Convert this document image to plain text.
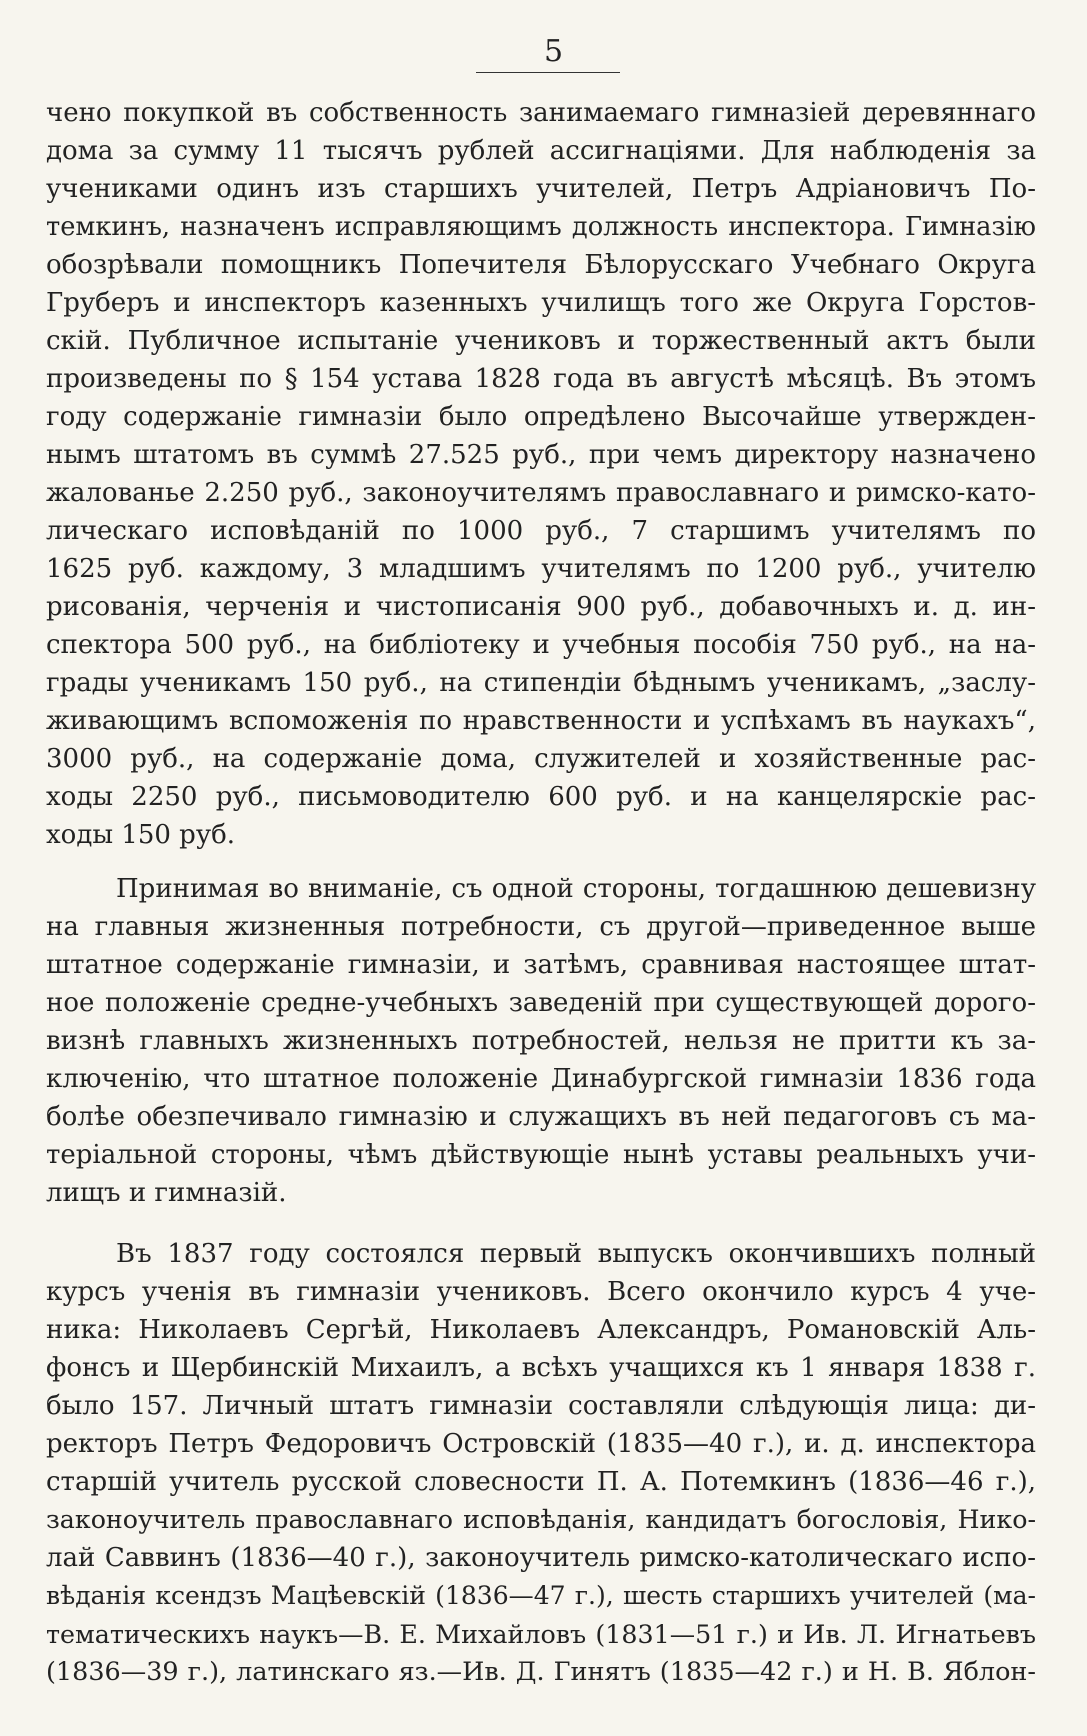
5
чено покупкой въ собственность занимаемаго гимназіей деревяннаго
дома за сумму 11 тысячъ рублей ассигнаціями. Для наблюденія за
учениками одинъ изъ старшихъ учителей, Петръ Адріановичъ По-
темкинъ, назначенъ исправляющимъ должность инспектора. Гимназію
обозрѣвали помощникъ Попечителя Бѣлорусскаго Учебнаго Округа
Груберъ и инспекторъ казенныхъ училищъ того же Округа Горстов-
скій. Публичное испытаніе учениковъ и торжественный актъ были
произведены по § 154 устава 1828 года въ августѣ мѣсяцѣ. Въ этомъ
году содержаніе гимназіи было опредѣлено Высочайше утвержден-
нымъ штатомъ въ суммѣ 27.525 руб., при чемъ директору назначено
жалованье 2.250 руб., законоучителямъ православнаго и римско-като-
лическаго исповѣданій по 1000 руб., 7 старшимъ учителямъ по
1625 руб. каждому, 3 младшимъ учителямъ по 1200 руб., учителю
рисованія, черченія и чистописанія 900 руб., добавочныхъ и. д. ин-
спектора 500 руб., на библіотеку и учебныя пособія 750 руб., на на-
грады ученикамъ 150 руб., на стипендіи бѣднымъ ученикамъ, „заслу-
живающимъ вспоможенія по нравственности и успѣхамъ въ наукахъ“,
3000 руб., на содержаніе дома, служителей и хозяйственные рас-
ходы 2250 руб., письмоводителю 600 руб. и на канцелярскіе рас-
ходы 150 руб.
Принимая во вниманіе, съ одной стороны, тогдашнюю дешевизну
на главныя жизненныя потребности, съ другой—приведенное выше
штатное содержаніе гимназіи, и затѣмъ, сравнивая настоящее штат-
ное положеніе средне-учебныхъ заведеній при существующей дорого-
визнѣ главныхъ жизненныхъ потребностей, нельзя не притти къ за-
ключенію, что штатное положеніе Динабургской гимназіи 1836 года
болѣе обезпечивало гимназію и служащихъ въ ней педагоговъ съ ма-
теріальной стороны, чѣмъ дѣйствующіе нынѣ уставы реальныхъ учи-
лищъ и гимназій.
Въ 1837 году состоялся первый выпускъ окончившихъ полный
курсъ ученія въ гимназіи учениковъ. Всего окончило курсъ 4 уче-
ника: Николаевъ Сергѣй, Николаевъ Александръ, Романовскій Аль-
фонсъ и Щербинскій Михаилъ, а всѣхъ учащихся къ 1 января 1838 г.
было 157. Личный штатъ гимназіи составляли слѣдующія лица: ди-
ректоръ Петръ Федоровичъ Островскій (1835—40 г.), и. д. инспектора
старшій учитель русской словесности П. А. Потемкинъ (1836—46 г.),
законоучитель православнаго исповѣданія, кандидатъ богословія, Нико-
лай Саввинъ (1836—40 г.), законоучитель римско-католическаго испо-
вѣданія ксендзъ Мацѣевскій (1836—47 г.), шесть старшихъ учителей (ма-
тематическихъ наукъ—В. Е. Михайловъ (1831—51 г.) и Ив. Л. Игнатьевъ
(1836—39 г.), латинскаго яз.—Ив. Д. Гинятъ (1835—42 г.) и Н. В. Яблон-
